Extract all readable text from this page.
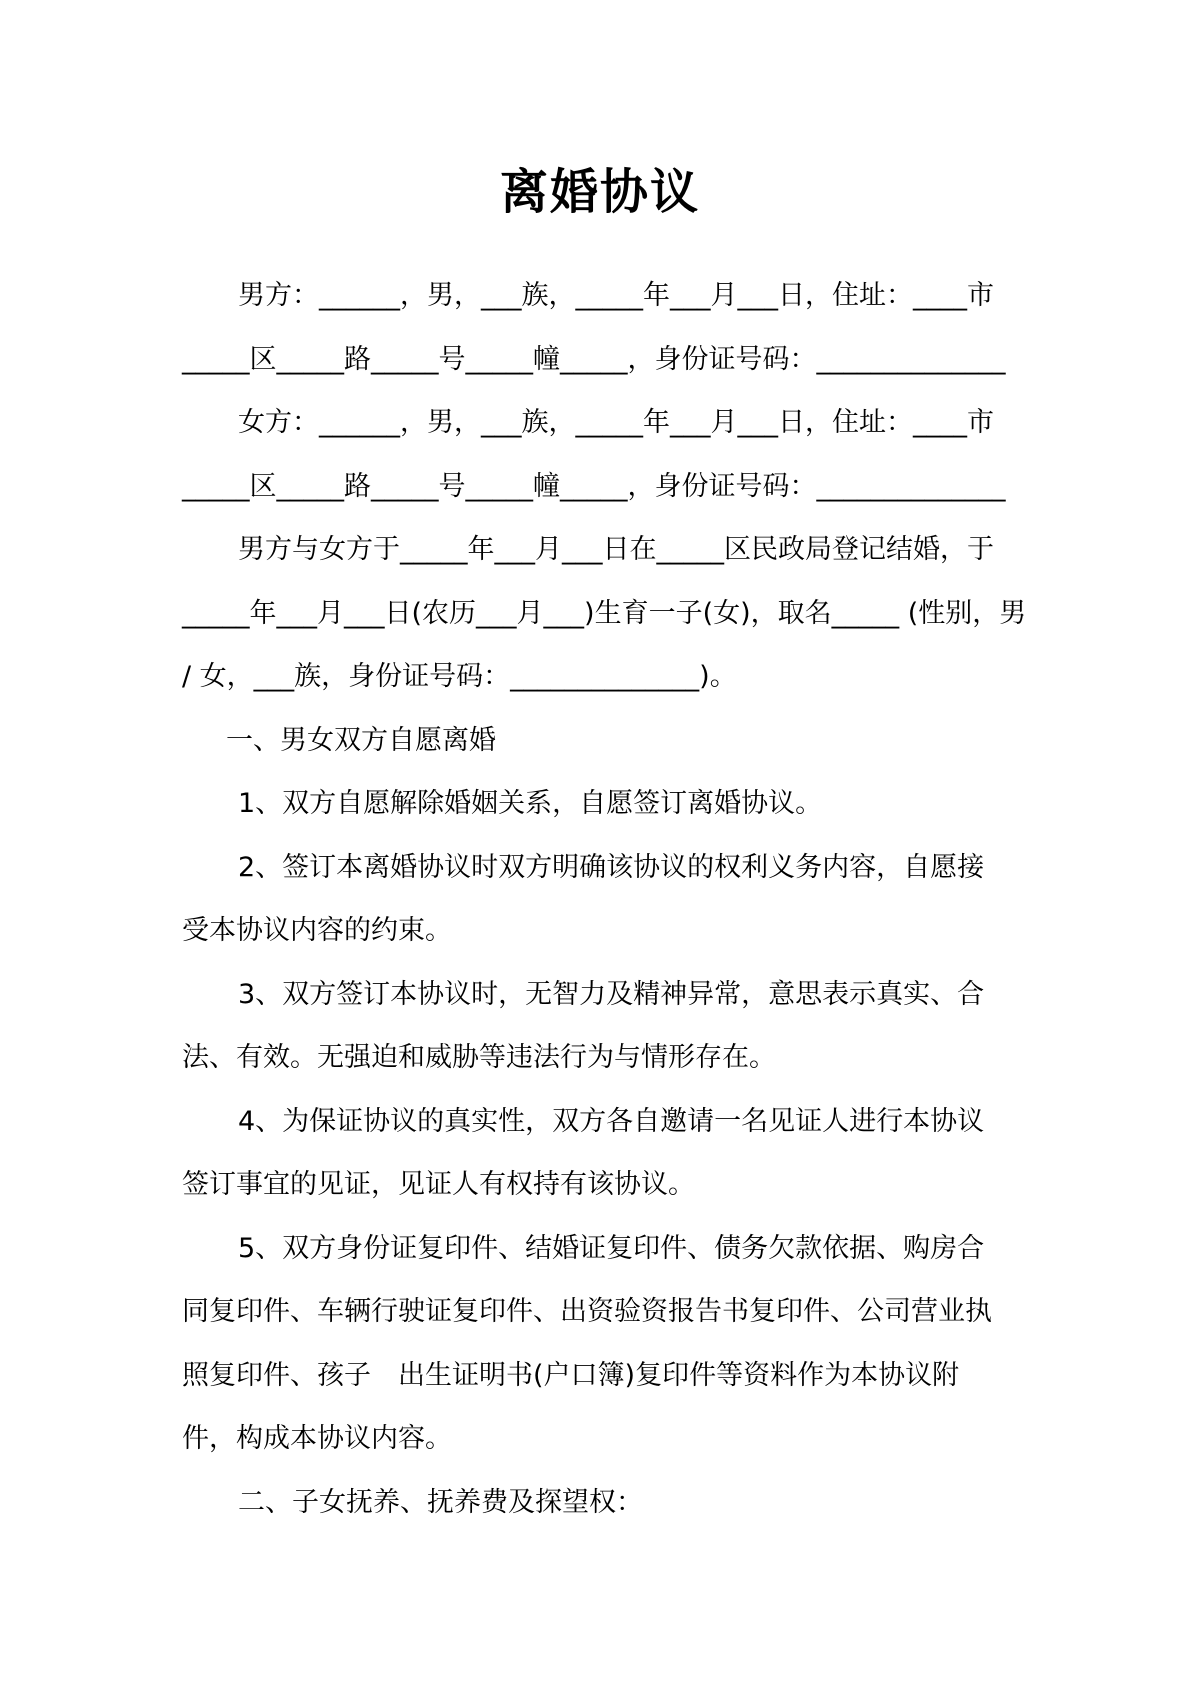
离婚协议
男方：______，男，___族，_____年___月___日，住址：____市
_____区_____路_____号_____幢_____，身份证号码：______________
女方：______，男，___族，_____年___月___日，住址：____市
_____区_____路_____号_____幢_____，身份证号码：______________
男方与女方于_____年___月___日在_____区民政局登记结婚，于
_____年___月___日(农历___月___)生育一子(女)，取名_____ (性别，男
/ 女，___族，身份证号码：______________)。
一、男女双方自愿离婚
1、双方自愿解除婚姻关系，自愿签订离婚协议。
2、签订本离婚协议时双方明确该协议的权利义务内容，自愿接
受本协议内容的约束。
3、双方签订本协议时，无智力及精神异常，意思表示真实、合
法、有效。无强迫和威胁等违法行为与情形存在。
4、为保证协议的真实性，双方各自邀请一名见证人进行本协议
签订事宜的见证，见证人有权持有该协议。
5、双方身份证复印件、结婚证复印件、债务欠款依据、购房合
同复印件、车辆行驶证复印件、出资验资报告书复印件、公司营业执
照复印件、孩子　出生证明书(户口簿)复印件等资料作为本协议附
件，构成本协议内容。
二、子女抚养、抚养费及探望权：
